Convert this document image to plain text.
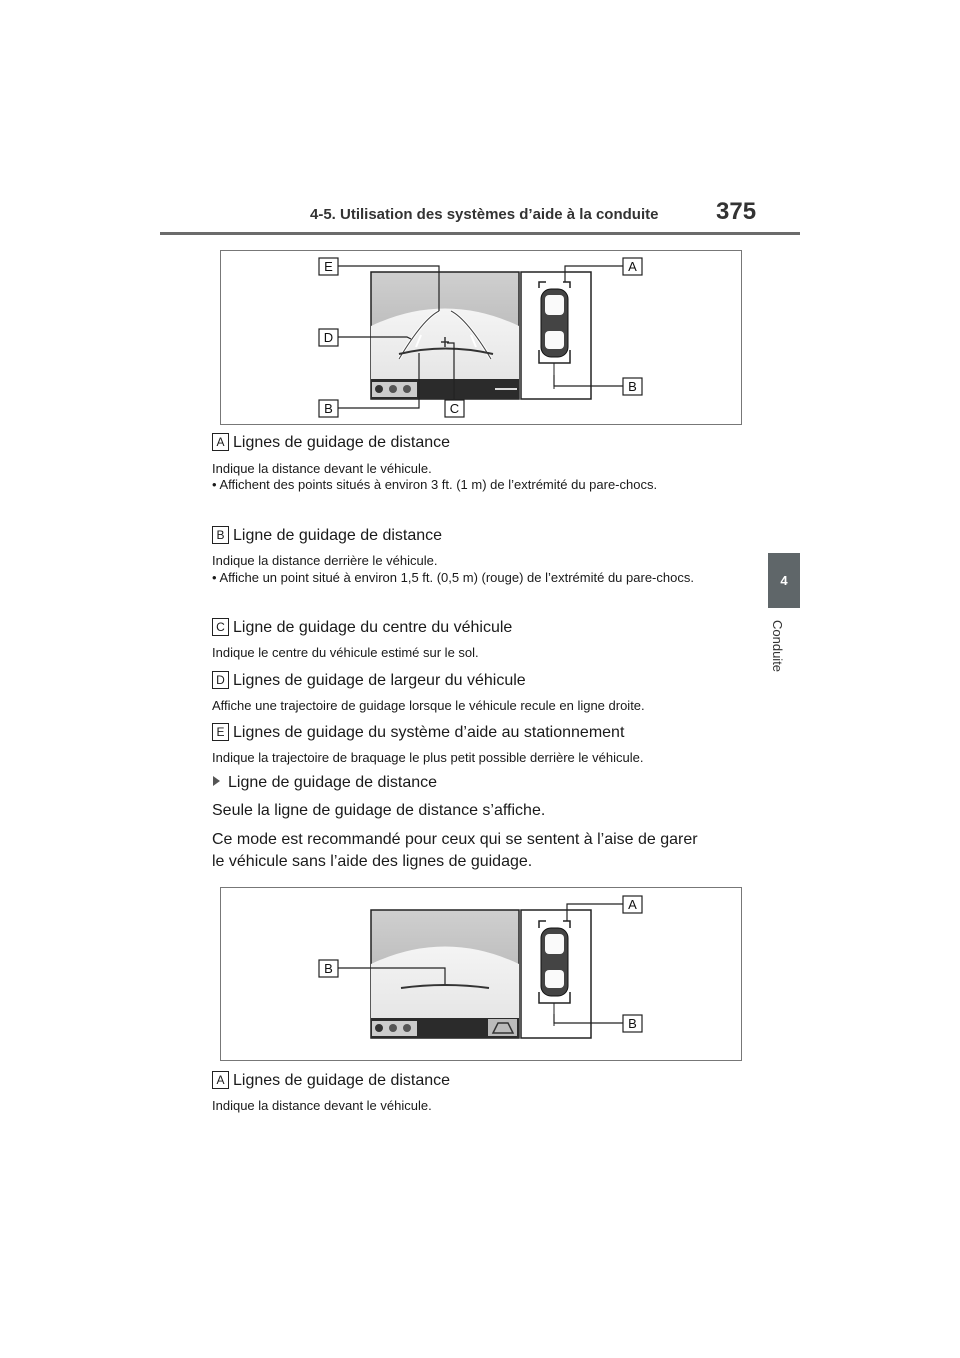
4-5. Utilisation des systèmes d’aide à la conduite 375
4
Conduite
E	A
D
B
B	C
A Lignes de guidage de distance
Indique la distance devant le véhicule.
• Affichent des points situés à environ 3 ft. (1 m) de l’extrémité du pare-chocs.
B Ligne de guidage de distance
Indique la distance derrière le véhicule.
• Affiche un point situé à environ 1,5 ft. (0,5 m) (rouge) de l’extrémité du pare-chocs.
C Ligne de guidage du centre du véhicule
Indique le centre du véhicule estimé sur le sol.
D Lignes de guidage de largeur du véhicule
Affiche une trajectoire de guidage lorsque le véhicule recule en ligne droite.
E Lignes de guidage du système d’aide au stationnement
Indique la trajectoire de braquage le plus petit possible derrière le véhicule.
Ligne de guidage de distance
Seule la ligne de guidage de distance s’affiche.
Ce mode est recommandé pour ceux qui se sentent à l’aise de garer
le véhicule sans l’aide des lignes de guidage.
A
B
B
A Lignes de guidage de distance
Indique la distance devant le véhicule.
